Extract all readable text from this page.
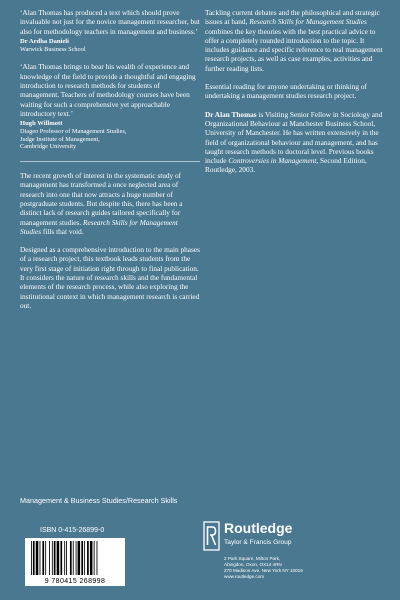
‘Alan Thomas has produced a text which should prove invaluable not just for the novice management researcher, but also for methodology teachers in management and business.’

Dr Ardha Danieli
Warwick Business School

‘Alan Thomas brings to bear his wealth of experience and knowledge of the field to provide a thoughtful and engaging introduction to research methods for students of management. Teachers of methodology courses have been waiting for such a comprehensive yet approachable introductory text.’

Hugh Willmott
Diageo Professor of Management Studies,
Judge Institute of Management,
Cambridge University

The recent growth of interest in the systematic study of management has transformed a once neglected area of research into one that now attracts a huge number of postgraduate students. But despite this, there has been a distinct lack of research guides tailored specifically for management studies. Research Skills for Management Studies fills that void.

Designed as a comprehensive introduction to the main phases of a research project, this textbook leads students from the very first stage of initiation right through to final publication. It considers the nature of research skills and the fundamental elements of the research process, while also exploring the institutional context in which management research is carried out.

Tackling current debates and the philosophical and strategic issues at hand, Research Skills for Management Studies combines the key theories with the best practical advice to offer a completely rounded introduction to the topic. It includes guidance and specific reference to real management research projects, as well as case examples, activities and further reading lists.

Essential reading for anyone undertaking or thinking of undertaking a management studies research project.

Dr Alan Thomas is Visiting Senior Fellow in Sociology and Organizational Behaviour at Manchester Business School, University of Manchester. He has written extensively in the field of organizational behaviour and management, and has taught research methods to doctoral level. Previous books include Controversies in Management, Second Edition, Routledge, 2003.

Management & Business Studies/Research Skills
ISBN 0-415-26899-0
9 780415 268998
Routledge
Taylor & Francis Group
2 Park Square, Milton Park,
Abingdon, Oxon, OX14 4RN
270 Madison Ave, New York NY 10016
www.routledge.com
